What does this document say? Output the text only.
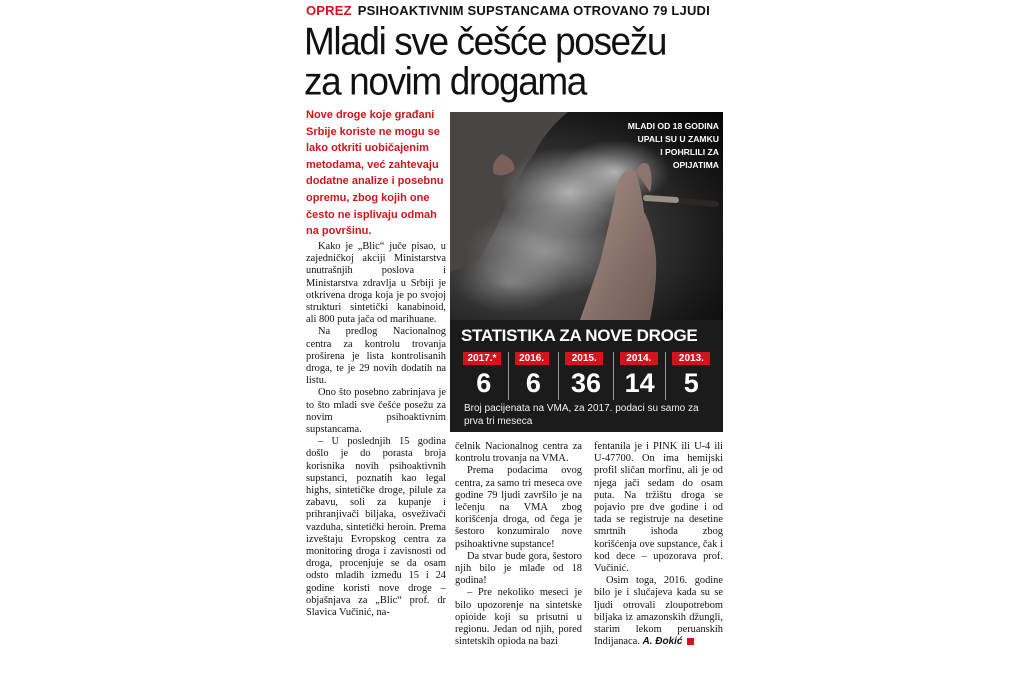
OPREZ PSIHOAKTIVNIM SUPSTANCAMA OTROVANO 79 LJUDI
Mladi sve češće posežu
za novim drogama
Nove droge koje građani Srbije koriste ne mogu se lako otkriti uobičajenim metodama, već zahtevaju dodatne analize i posebnu opremu, zbog kojih one često ne isplivaju odmah na površinu.
MLADI OD 18 GODINA
UPALI SU U ZAMKU
I POHRLILI ZA
OPIJATIMA
STATISTIKA ZA NOVE DROGE
2017.*
6
2016.
6
2015.
36
2014.
14
2013.
5
Broj pacijenata na VMA, za 2017. podaci su samo za prva tri meseca

Kako je „Blic“ juče pisao, u zajedničkoj akciji Ministarstva unutrašnjih poslova i Ministarstva zdravlja u Srbiji je otkrivena droga koja je po svojoj strukturi sintetički kanabinoid, ali 800 puta jača od marihuane.

Na predlog Nacionalnog centra za kontrolu trovanja proširena je lista kontrolisanih droga, te je 29 novih dodatih na listu.

Ono što posebno zabrinjava je to što mladi sve češće posežu za novim psihoaktivnim supstancama.

– U poslednjih 15 godina došlo je do porasta broja korisnika novih psihoaktivnih supstanci, poznatih kao legal highs, sintetičke droge, pilule za zabavu, soli za kupanje i prihranjivači biljaka, osveživači vazduha, sintetički heroin. Prema izveštaju Evropskog centra za monitoring droga i zavisnosti od droga, procenjuje se da osam odsto mladih između 15 i 24 godine koristi nove droge – objašnjava za „Blic“ prof. dr Slavica Vučinić, na-

čelnik Nacionalnog centra za kontrolu trovanja na VMA.

Prema podacima ovog centra, za samo tri meseca ove godine 79 ljudi završilo je na lečenju na VMA zbog korišćenja droga, od čega je šestoro konzumiralo nove psihoaktivne supstance!

Da stvar bude gora, šestoro njih bilo je mlađe od 18 godina!

– Pre nekoliko meseci je bilo upozorenje na sintetske opioide koji su prisutni u regionu. Jedan od njih, pored sintetskih opioda na bazi

fentanila je i PINK ili U-4 ili U-47700. On ima hemijski profil sličan morfinu, ali je od njega jači sedam do osam puta. Na tržištu droga se pojavio pre dve godine i od tada se registruje na desetine smrtnih ishoda zbog korišćenja ove supstance, čak i kod dece – upozorava prof. Vučinić.

Osim toga, 2016. godine bilo je i slučajeva kada su se ljudi otrovali zloupotrebom biljaka iz amazonskih džungli, starim lekom peruanskih Indijanaca. A. Đokić
